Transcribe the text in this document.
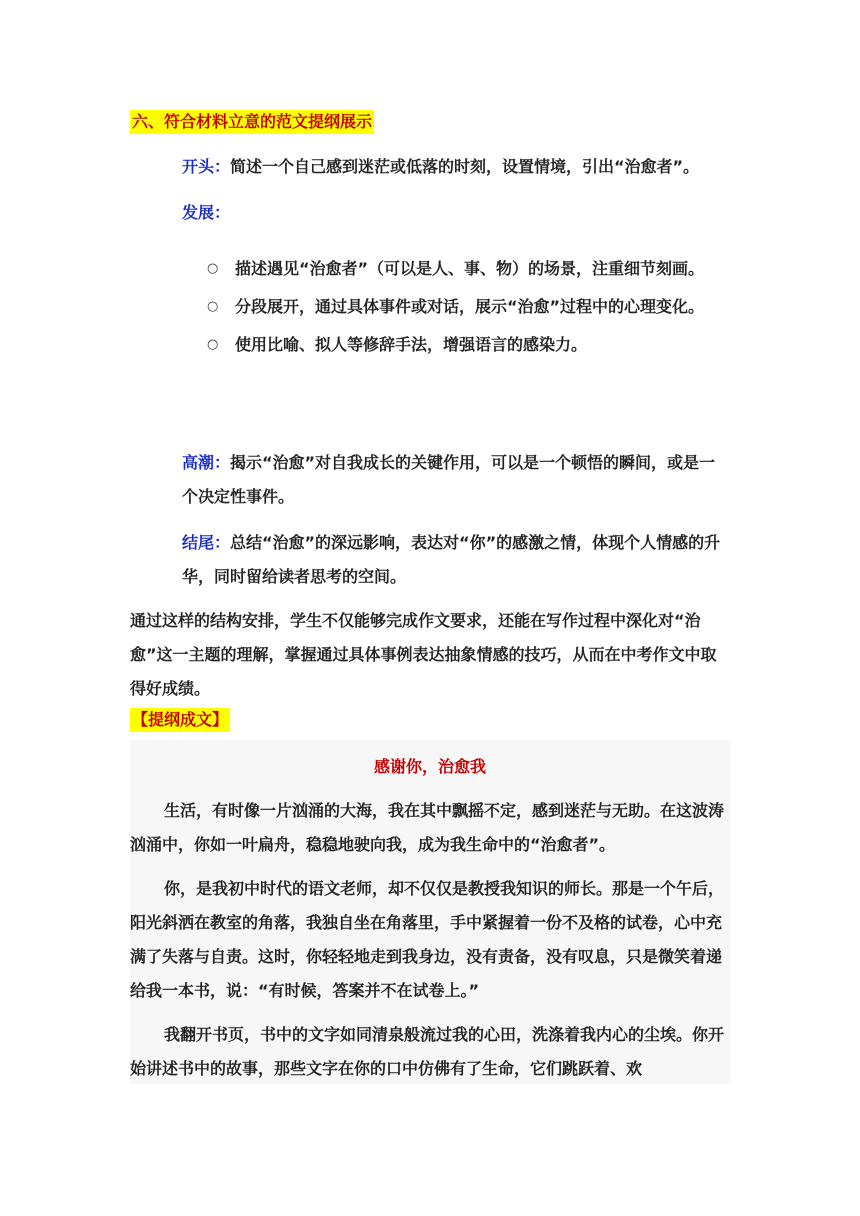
六、符合材料立意的范文提纲展示
开头：简述一个自己感到迷茫或低落的时刻，设置情境，引出“治愈者”。
发展：
○ 描述遇见“治愈者”（可以是人、事、物）的场景，注重细节刻画。
○ 分段展开，通过具体事件或对话，展示“治愈”过程中的心理变化。
○ 使用比喻、拟人等修辞手法，增强语言的感染力。
高潮：揭示“治愈”对自我成长的关键作用，可以是一个顿悟的瞬间，或是一个决定性事件。
结尾：总结“治愈”的深远影响，表达对“你”的感激之情，体现个人情感的升华，同时留给读者思考的空间。
通过这样的结构安排，学生不仅能够完成作文要求，还能在写作过程中深化对“治愈”这一主题的理解，掌握通过具体事例表达抽象情感的技巧，从而在中考作文中取得好成绩。
【提纲成文】
感谢你，治愈我
生活，有时像一片汹涌的大海，我在其中飘摇不定，感到迷茫与无助。在这波涛汹涌中，你如一叶扁舟，稳稳地驶向我，成为我生命中的“治愈者”。
你，是我初中时代的语文老师，却不仅仅是教授我知识的师长。那是一个午后，阳光斜洒在教室的角落，我独自坐在角落里，手中紧握着一份不及格的试卷，心中充满了失落与自责。这时，你轻轻地走到我身边，没有责备，没有叹息，只是微笑着递给我一本书，说：“有时候，答案并不在试卷上。”
我翻开书页，书中的文字如同清泉般流过我的心田，洗涤着我内心的尘埃。你开始讲述书中的故事，那些文字在你的口中仿佛有了生命，它们跳跃着、欢
